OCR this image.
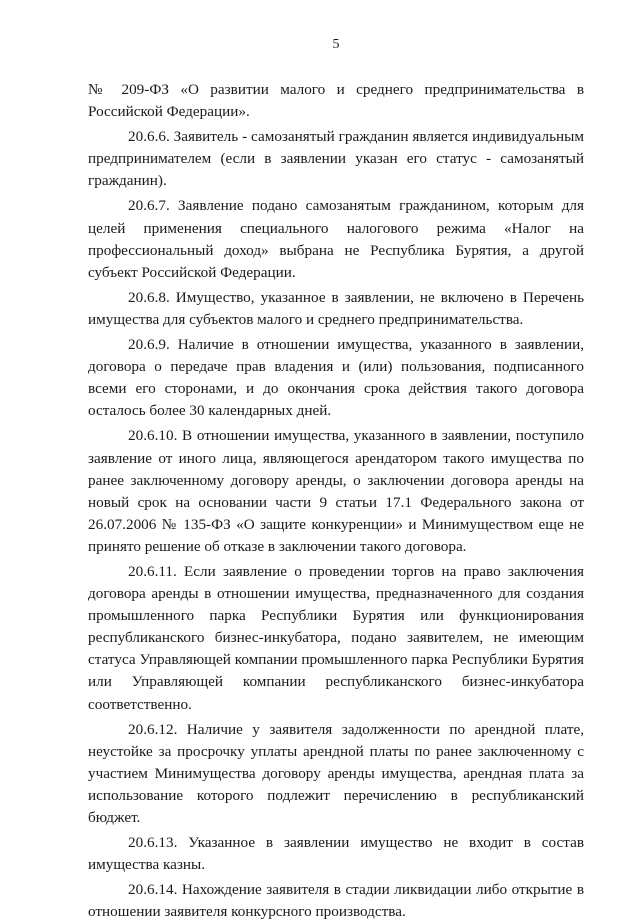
5

№ 209-ФЗ «О развитии малого и среднего предпринимательства в Российской Федерации».

20.6.6. Заявитель - самозанятый гражданин является индивидуальным предпринимателем (если в заявлении указан его статус - самозанятый гражданин).

20.6.7. Заявление подано самозанятым гражданином, которым для целей применения специального налогового режима «Налог на профессиональный доход» выбрана не Республика Бурятия, а другой субъект Российской Федерации.

20.6.8. Имущество, указанное в заявлении, не включено в Перечень имущества для субъектов малого и среднего предпринимательства.

20.6.9. Наличие в отношении имущества, указанного в заявлении, договора о передаче прав владения и (или) пользования, подписанного всеми его сторонами, и до окончания срока действия такого договора осталось более 30 календарных дней.

20.6.10. В отношении имущества, указанного в заявлении, поступило заявление от иного лица, являющегося арендатором такого имущества по ранее заключенному договору аренды, о заключении договора аренды на новый срок на основании части 9 статьи 17.1 Федерального закона от 26.07.2006 № 135-ФЗ «О защите конкуренции» и Минимуществом еще не принято решение об отказе в заключении такого договора.

20.6.11. Если заявление о проведении торгов на право заключения договора аренды в отношении имущества, предназначенного для создания промышленного парка Республики Бурятия или функционирования республиканского бизнес-инкубатора, подано заявителем, не имеющим статуса Управляющей компании промышленного парка Республики Бурятия или Управляющей компании республиканского бизнес-инкубатора соответственно.

20.6.12. Наличие у заявителя задолженности по арендной плате, неустойке за просрочку уплаты арендной платы по ранее заключенному с участием Минимущества договору аренды имущества, арендная плата за использование которого подлежит перечислению в республиканский бюджет.

20.6.13. Указанное в заявлении имущество не входит в состав имущества казны.

20.6.14. Нахождение заявителя в стадии ликвидации либо открытие в отношении заявителя конкурсного производства.
